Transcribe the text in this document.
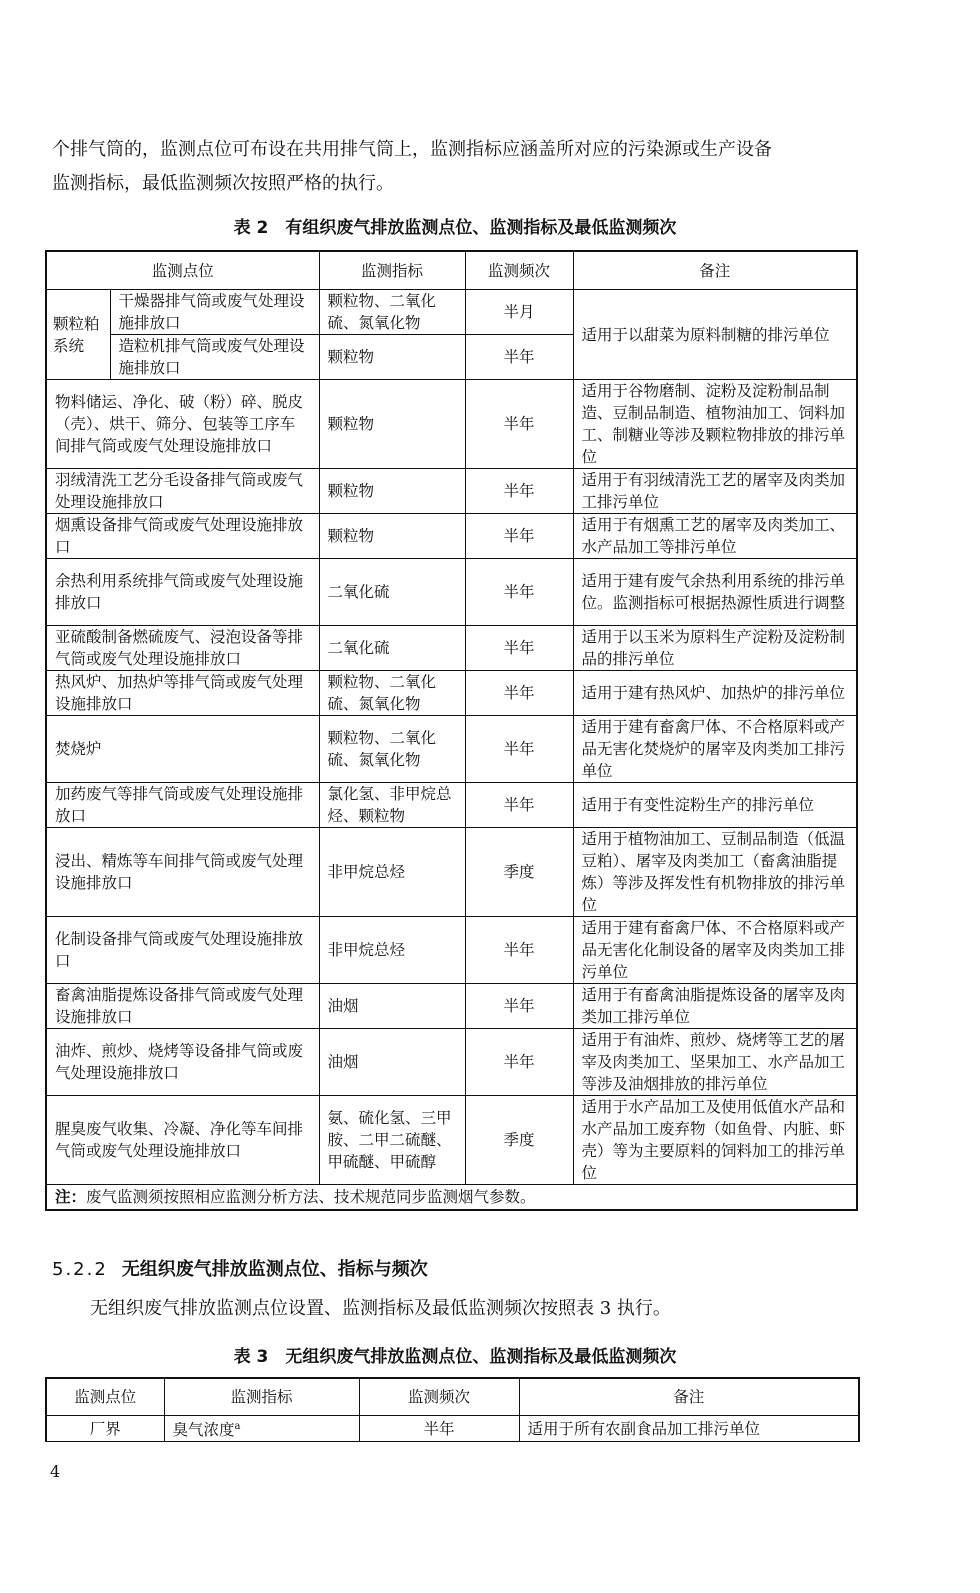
个排气筒的，监测点位可布设在共用排气筒上，监测指标应涵盖所对应的污染源或生产设备
监测指标，最低监测频次按照严格的执行。
表 2　有组织废气排放监测点位、监测指标及最低监测频次
监测点位		监测指标	监测频次	备注
颗粒粕系统	干燥器排气筒或废气处理设施排放口	颗粒物、二氧化硫、氮氧化物	半月	适用于以甜菜为原料制糖的排污单位
	造粒机排气筒或废气处理设施排放口	颗粒物	半年	
物料储运、净化、破（粉）碎、脱皮（壳）、烘干、筛分、包装等工序车间排气筒或废气处理设施排放口		颗粒物	半年	适用于谷物磨制、淀粉及淀粉制品制造、豆制品制造、植物油加工、饲料加工、制糖业等涉及颗粒物排放的排污单位
羽绒清洗工艺分毛设备排气筒或废气处理设施排放口		颗粒物	半年	适用于有羽绒清洗工艺的屠宰及肉类加工排污单位
烟熏设备排气筒或废气处理设施排放口		颗粒物	半年	适用于有烟熏工艺的屠宰及肉类加工、水产品加工等排污单位
余热利用系统排气筒或废气处理设施排放口		二氧化硫	半年	适用于建有废气余热利用系统的排污单位。监测指标可根据热源性质进行调整
亚硫酸制备燃硫废气、浸泡设备等排气筒或废气处理设施排放口		二氧化硫	半年	适用于以玉米为原料生产淀粉及淀粉制品的排污单位
热风炉、加热炉等排气筒或废气处理设施排放口		颗粒物、二氧化硫、氮氧化物	半年	适用于建有热风炉、加热炉的排污单位
焚烧炉		颗粒物、二氧化硫、氮氧化物	半年	适用于建有畜禽尸体、不合格原料或产品无害化焚烧炉的屠宰及肉类加工排污单位
加药废气等排气筒或废气处理设施排放口		氯化氢、非甲烷总烃、颗粒物	半年	适用于有变性淀粉生产的排污单位
浸出、精炼等车间排气筒或废气处理设施排放口		非甲烷总烃	季度	适用于植物油加工、豆制品制造（低温豆粕）、屠宰及肉类加工（畜禽油脂提炼）等涉及挥发性有机物排放的排污单位
化制设备排气筒或废气处理设施排放口		非甲烷总烃	半年	适用于建有畜禽尸体、不合格原料或产品无害化化制设备的屠宰及肉类加工排污单位
畜禽油脂提炼设备排气筒或废气处理设施排放口		油烟	半年	适用于有畜禽油脂提炼设备的屠宰及肉类加工排污单位
油炸、煎炒、烧烤等设备排气筒或废气处理设施排放口		油烟	半年	适用于有油炸、煎炒、烧烤等工艺的屠宰及肉类加工、坚果加工、水产品加工等涉及油烟排放的排污单位
腥臭废气收集、冷凝、净化等车间排气筒或废气处理设施排放口		氨、硫化氢、三甲胺、二甲二硫醚、甲硫醚、甲硫醇	季度	适用于水产品加工及使用低值水产品和水产品加工废弃物（如鱼骨、内脏、虾壳）等为主要原料的饲料加工的排污单位
注：废气监测须按照相应监测分析方法、技术规范同步监测烟气参数。				
5.2.2 无组织废气排放监测点位、指标与频次
无组织废气排放监测点位设置、监测指标及最低监测频次按照表 3 执行。
表 3　无组织废气排放监测点位、监测指标及最低监测频次
监测点位	监测指标	监测频次	备注
厂界	臭气浓度$^a$	半年	适用于所有农副食品加工排污单位
4
